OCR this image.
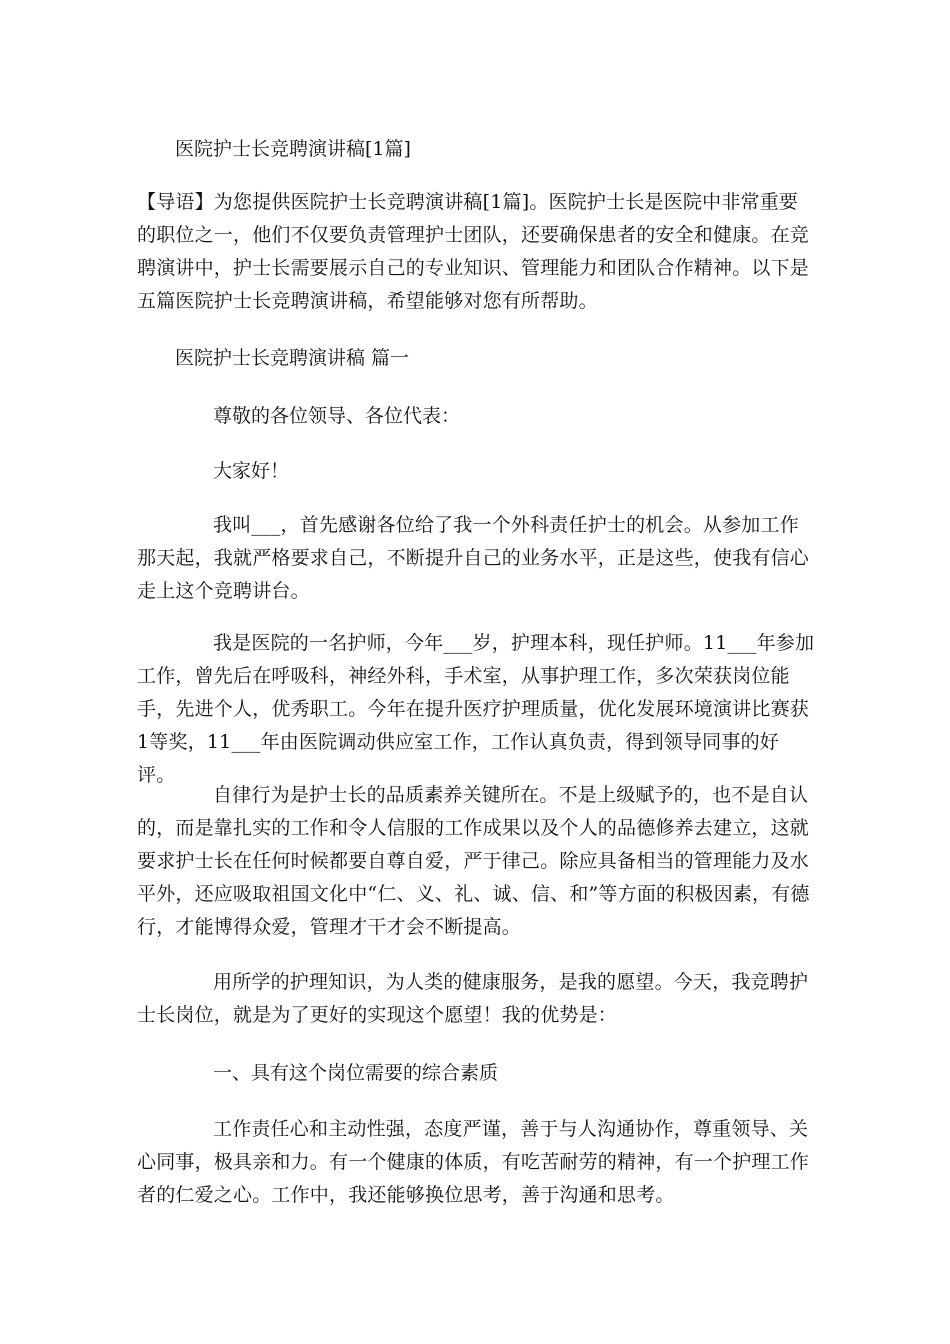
医院护士长竞聘演讲稿[1篇]

【导语】为您提供医院护士长竞聘演讲稿[1篇]。医院护士长是医院中非常重要的职位之一，他们不仅要负责管理护士团队，还要确保患者的安全和健康。在竞聘演讲中，护士长需要展示自己的专业知识、管理能力和团队合作精神。以下是五篇医院护士长竞聘演讲稿，希望能够对您有所帮助。

医院护士长竞聘演讲稿 篇一
尊敬的各位领导、各位代表：
大家好！

我叫___，首先感谢各位给了我一个外科责任护士的机会。从参加工作那天起，我就严格要求自己，不断提升自己的业务水平，正是这些，使我有信心走上这个竞聘讲台。

我是医院的一名护师，今年___岁，护理本科，现任护师。11___年参加工作，曾先后在呼吸科，神经外科，手术室，从事护理工作，多次荣获岗位能手，先进个人，优秀职工。今年在提升医疗护理质量，优化发展环境演讲比赛获1等奖，11___年由医院调动供应室工作，工作认真负责，得到领导同事的好评。

自律行为是护士长的品质素养关键所在。不是上级赋予的，也不是自认的，而是靠扎实的工作和令人信服的工作成果以及个人的品德修养去建立，这就要求护士长在任何时候都要自尊自爱，严于律己。除应具备相当的管理能力及水平外，还应吸取祖国文化中“仁、义、礼、诚、信、和”等方面的积极因素，有德行，才能博得众爱，管理才干才会不断提高。

用所学的护理知识，为人类的健康服务，是我的愿望。今天，我竞聘护士长岗位，就是为了更好的实现这个愿望！我的优势是：

一、具有这个岗位需要的综合素质

工作责任心和主动性强，态度严谨，善于与人沟通协作，尊重领导、关心同事，极具亲和力。有一个健康的体质，有吃苦耐劳的精神，有一个护理工作者的仁爱之心。工作中，我还能够换位思考，善于沟通和思考。
